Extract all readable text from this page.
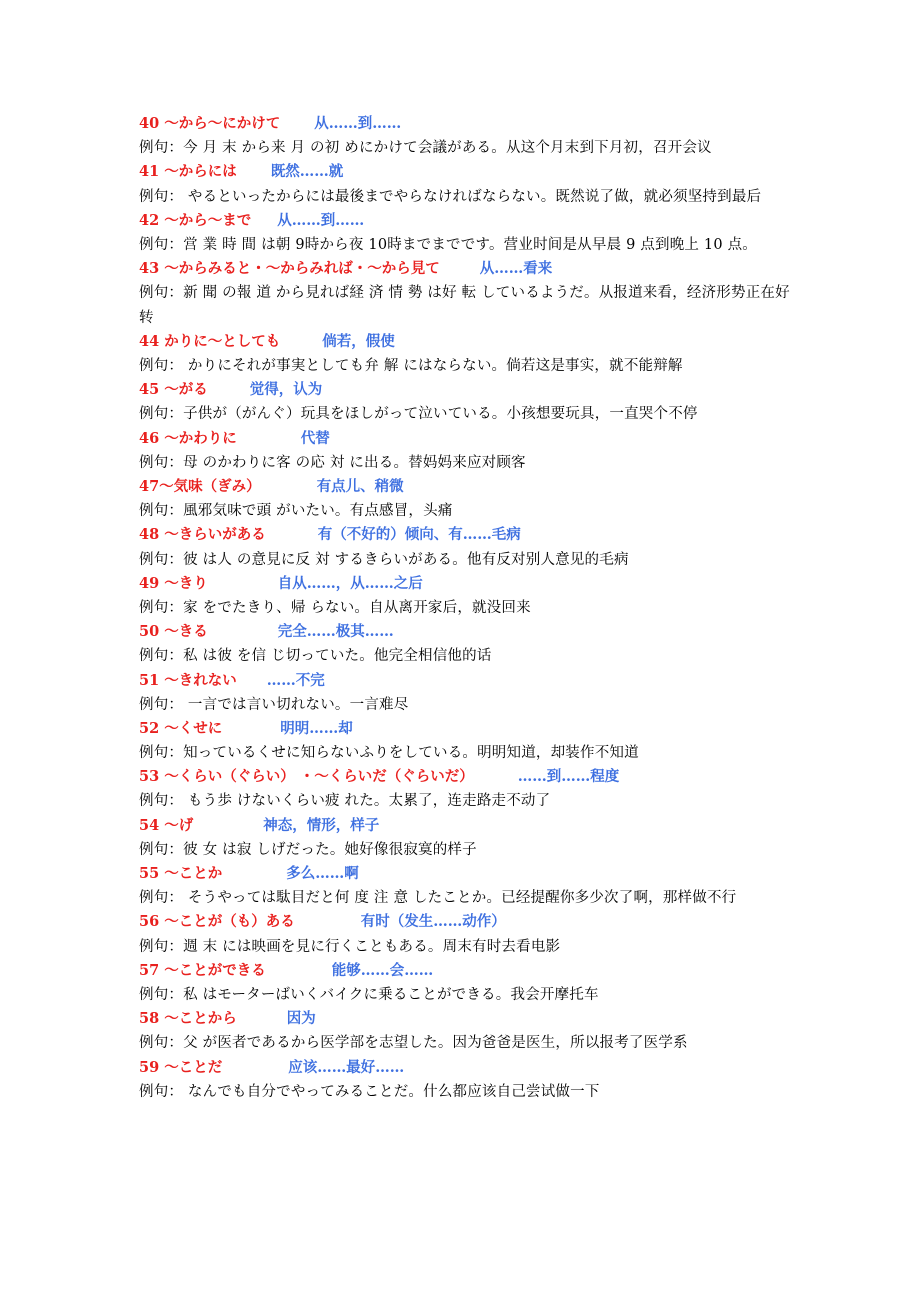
40 ～から～にかけて 从……到……
例句：今 月 末 から来 月 の初 めにかけて会議がある。从这个月末到下月初，召开会议
41 ～からには 既然……就
例句： やるといったからには最後までやらなければならない。既然说了做，就必须坚持到最后
42 ～から～まで 从……到……
例句：営 業 時 間 は朝 9時から夜 10時までまでです。营业时间是从早晨 9 点到晚上 10 点。
43 ～からみると・～からみれば・～から見て	从……看来
例句：新 聞 の報 道 から見れば経 済 情 勢 は好 転 しているようだ。从报道来看，经济形势正在好转
44 かりに～としても	倘若，假使
例句： かりにそれが事実としても弁 解 にはならない。倘若这是事实，就不能辩解
45 ～がる	觉得，认为
例句：子供が（がんぐ）玩具をほしがって泣いている。小孩想要玩具，一直哭个不停
46 ～かわりに	代替
例句：母 のかわりに客 の応 対 に出る。替妈妈来应对顾客
47～気味（ぎみ）	有点儿、稍微
例句：風邪気味で頭 がいたい。有点感冒，头痛
48 ～きらいがある	有（不好的）倾向、有……毛病
例句：彼 は人 の意見に反 対 するきらいがある。他有反对别人意见的毛病
49 ～きり	自从……，从……之后
例句：家 をでたきり、帰 らない。自从离开家后，就没回来
50 ～きる	完全……极其……
例句：私 は彼 を信 じ切っていた。他完全相信他的话
51 ～きれない ……不完
例句： 一言では言い切れない。一言难尽
52 ～くせに	明明……却
例句：知っているくせに知らないふりをしている。明明知道，却装作不知道
53 ～くらい（ぐらい） ・～くらいだ（ぐらいだ）	……到……程度
例句： もう歩 けないくらい疲 れた。太累了，连走路走不动了
54 ～げ	神态，情形，样子
例句：彼 女 は寂 しげだった。她好像很寂寞的样子
55 ～ことか	多么……啊
例句： そうやっては駄目だと何 度 注 意 したことか。已经提醒你多少次了啊，那样做不行
56 ～ことが（も）ある	有时（发生……动作）
例句：週 末 には映画を見に行くこともある。周末有时去看电影
57 ～ことができる	能够……会……
例句：私 はモーターばいくバイクに乗ることができる。我会开摩托车
58 ～ことから	因为
例句：父 が医者であるから医学部を志望した。因为爸爸是医生，所以报考了医学系
59 ～ことだ	应该……最好……
例句： なんでも自分でやってみることだ。什么都应该自己尝试做一下
